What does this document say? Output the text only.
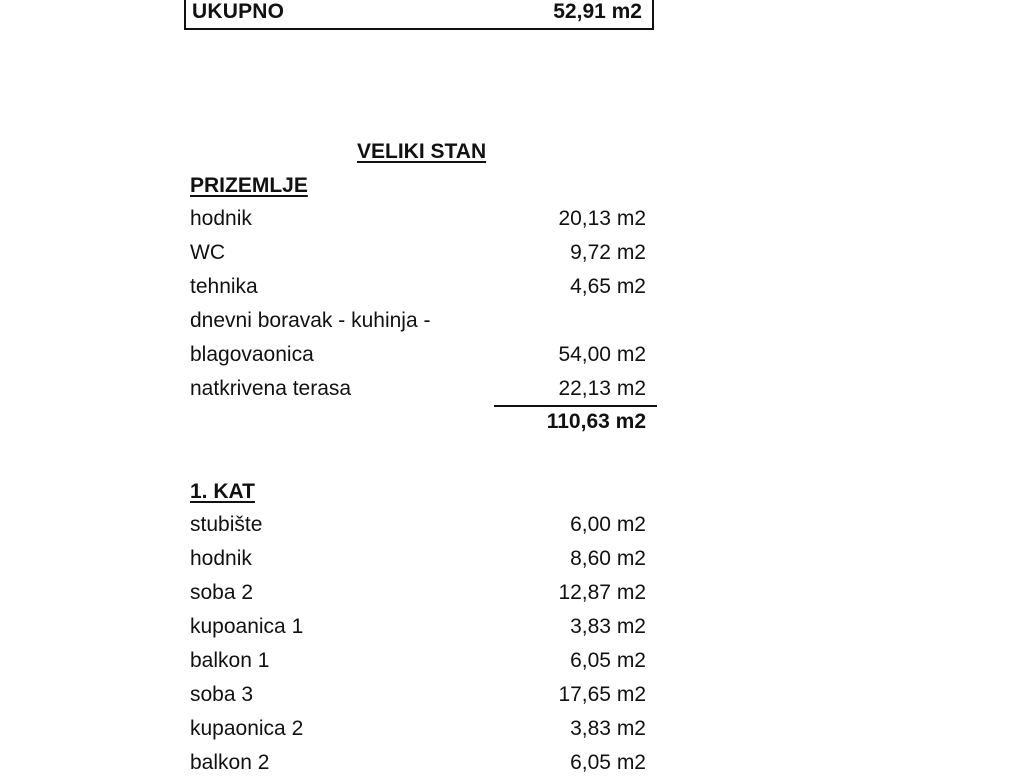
UKUPNO	52,91 m2
VELIKI STAN
PRIZEMLJE
hodnik	20,13 m2
WC	9,72 m2
tehnika	4,65 m2
dnevni boravak - kuhinja -
blagovaonica	54,00 m2
natkrivena terasa	22,13 m2
110,63 m2
1. KAT
stubište	6,00 m2
hodnik	8,60 m2
soba 2	12,87 m2
kupoanica 1	3,83 m2
balkon 1	6,05 m2
soba 3	17,65 m2
kupaonica 2	3,83 m2
balkon 2	6,05 m2
